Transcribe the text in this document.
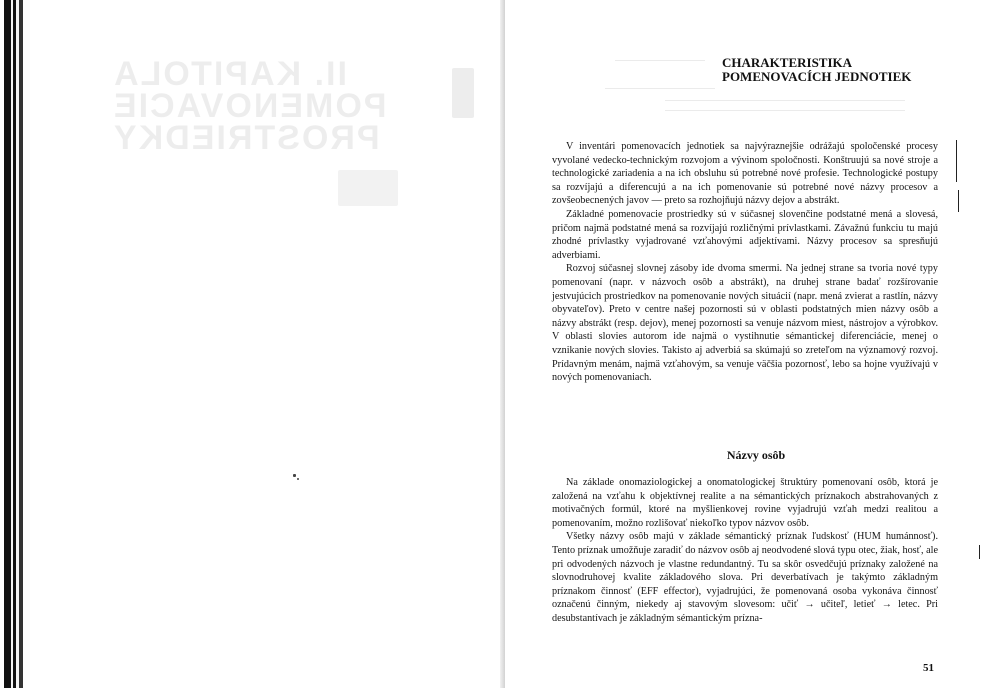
II. KAPITOLA
POMENOVACIE
PROSTRIEDKY
CHARAKTERISTIKA
POMENOVACÍCH JEDNOTIEK

V inventári pomenovacích jednotiek sa najvýraznejšie odrážajú spoločenské procesy vyvolané vedecko-technickým rozvojom a vývinom spoločnosti. Konštruujú sa nové stroje a technologické zariadenia a na ich obsluhu sú potrebné nové profesie. Technologické postupy sa rozvíjajú a diferencujú a na ich pomenovanie sú potrebné nové názvy procesov a zovšeobecnených javov — preto sa rozhojňujú názvy dejov a abstrákt.

Základné pomenovacie prostriedky sú v súčasnej slovenčine podstatné mená a slovesá, pričom najmä podstatné mená sa rozvíjajú rozličnými prívlastkami. Závažnú funkciu tu majú zhodné prívlastky vyjadrované vzťahovými adjektívami. Názvy procesov sa spresňujú adverbiami.

Rozvoj súčasnej slovnej zásoby ide dvoma smermi. Na jednej strane sa tvoria nové typy pomenovaní (napr. v názvoch osôb a abstrákt), na druhej strane badať rozšírovanie jestvujúcich prostriedkov na pomenovanie nových situácií (napr. mená zvierat a rastlín, názvy obyvateľov). Preto v centre našej pozornosti sú v oblasti podstatných mien názvy osôb a názvy abstrákt (resp. dejov), menej pozornosti sa venuje názvom miest, nástrojov a výrobkov. V oblasti slovies autorom ide najmä o vystihnutie sémantickej diferenciácie, menej o vznikanie nových slovies. Takisto aj adverbiá sa skúmajú so zreteľom na významový rozvoj. Prídavným menám, najmä vzťahovým, sa venuje väčšia pozornosť, lebo sa hojne využívajú v nových pomenovaniach.

Názvy osôb

Na základe onomaziologickej a onomatologickej štruktúry pomenovaní osôb, ktorá je založená na vzťahu k objektívnej realite a na sémantických príznakoch abstrahovaných z motivačných formúl, ktoré na myšlienkovej rovine vyjadrujú vzťah medzi realitou a pomenovaním, možno rozlišovať niekoľko typov názvov osôb.

Všetky názvy osôb majú v základe sémantický príznak ľudskosť (HUM humánnosť). Tento príznak umožňuje zaradiť do názvov osôb aj neodvodené slová typu otec, žiak, hosť, ale pri odvodených názvoch je vlastne redundantný. Tu sa skôr osvedčujú príznaky založené na slovnodruhovej kvalite základového slova. Pri deverbatívach je takýmto základným príznakom činnosť (EFF effector), vyjadrujúci, že pomenovaná osoba vykonáva činnosť označenú činným, niekedy aj stavovým slovesom: učiť → učiteľ, letieť → letec. Pri desubstantívach je základným sémantickým prízna-

51
